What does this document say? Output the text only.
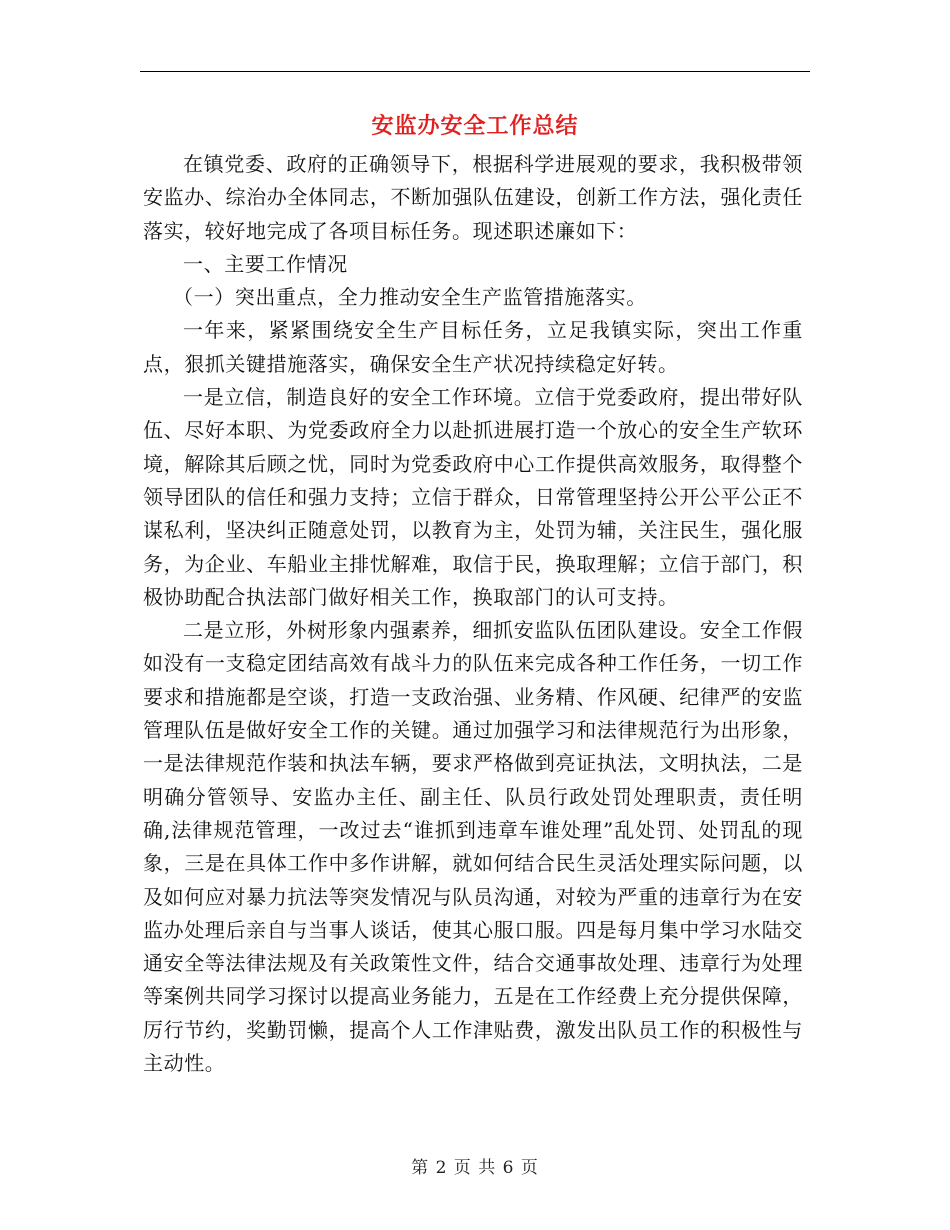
安监办安全工作总结

在镇党委、政府的正确领导下，根据科学进展观的要求，我积极带领安监办、综治办全体同志，不断加强队伍建设，创新工作方法，强化责任落实，较好地完成了各项目标任务。现述职述廉如下：

一、主要工作情况

（一）突出重点，全力推动安全生产监管措施落实。

一年来，紧紧围绕安全生产目标任务，立足我镇实际，突出工作重点，狠抓关键措施落实，确保安全生产状况持续稳定好转。

一是立信，制造良好的安全工作环境。立信于党委政府，提出带好队伍、尽好本职、为党委政府全力以赴抓进展打造一个放心的安全生产软环境，解除其后顾之忧，同时为党委政府中心工作提供高效服务，取得整个领导团队的信任和强力支持；立信于群众，日常管理坚持公开公平公正不谋私利，坚决纠正随意处罚，以教育为主，处罚为辅，关注民生，强化服务，为企业、车船业主排忧解难，取信于民，换取理解；立信于部门，积极协助配合执法部门做好相关工作，换取部门的认可支持。

二是立形，外树形象内强素养，细抓安监队伍团队建设。安全工作假如没有一支稳定团结高效有战斗力的队伍来完成各种工作任务，一切工作要求和措施都是空谈，打造一支政治强、业务精、作风硬、纪律严的安监管理队伍是做好安全工作的关键。通过加强学习和法律规范行为出形象，一是法律规范作装和执法车辆，要求严格做到亮证执法，文明执法，二是明确分管领导、安监办主任、副主任、队员行政处罚处理职责，责任明确,法律规范管理，一改过去“谁抓到违章车谁处理”乱处罚、处罚乱的现象，三是在具体工作中多作讲解，就如何结合民生灵活处理实际问题，以及如何应对暴力抗法等突发情况与队员沟通，对较为严重的违章行为在安监办处理后亲自与当事人谈话，使其心服口服。四是每月集中学习水陆交通安全等法律法规及有关政策性文件，结合交通事故处理、违章行为处理等案例共同学习探讨以提高业务能力，五是在工作经费上充分提供保障，厉行节约，奖勤罚懒，提高个人工作津贴费，激发出队员工作的积极性与主动性。

第 2 页 共 6 页
